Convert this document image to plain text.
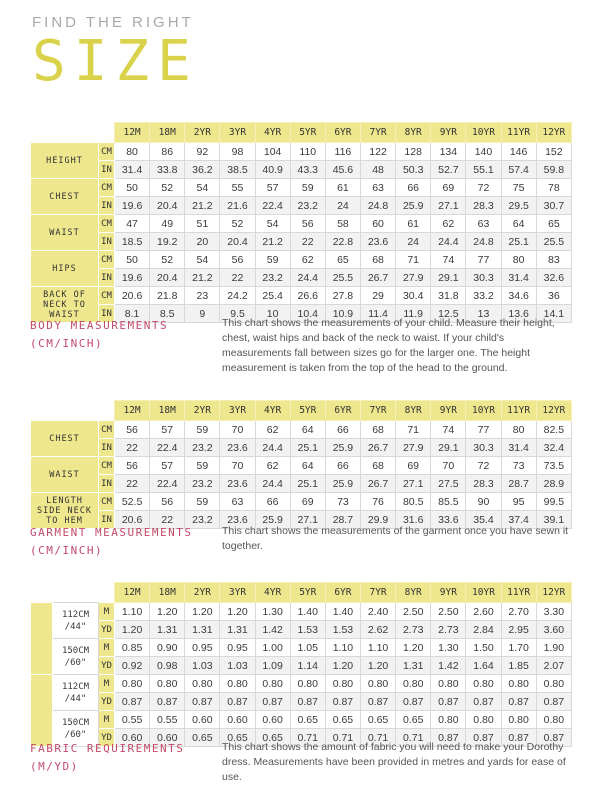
FIND THE RIGHT
SIZE
		12M	18M	2YR	3YR	4YR	5YR	6YR	7YR	8YR	9YR	10YR	11YR	12YR
HEIGHT	CM	80	86	92	98	104	110	116	122	128	134	140	146	152
	IN	31.4	33.8	36.2	38.5	40.9	43.3	45.6	48	50.3	52.7	55.1	57.4	59.8
CHEST	CM	50	52	54	55	57	59	61	63	66	69	72	75	78
	IN	19.6	20.4	21.2	21.6	22.4	23.2	24	24.8	25.9	27.1	28.3	29.5	30.7
WAIST	CM	47	49	51	52	54	56	58	60	61	62	63	64	65
	IN	18.5	19.2	20	20.4	21.2	22	22.8	23.6	24	24.4	24.8	25.1	25.5
HIPS	CM	50	52	54	56	59	62	65	68	71	74	77	80	83
	IN	19.6	20.4	21.2	22	23.2	24.4	25.5	26.7	27.9	29.1	30.3	31.4	32.6
BACK OF NECK TO WAIST	CM	20.6	21.8	23	24.2	25.4	26.6	27.8	29	30.4	31.8	33.2	34.6	36
	IN	8.1	8.5	9	9.5	10	10.4	10.9	11.4	11.9	12.5	13	13.6	14.1
BODY MEASUREMENTS
(CM/INCH)
This chart shows the measurements of your child. Measure their height, chest, waist hips and back of the neck to waist. If your child's measurements fall between sizes go for the larger one. The height measurement is taken from the top of the head to the ground.
		12M	18M	2YR	3YR	4YR	5YR	6YR	7YR	8YR	9YR	10YR	11YR	12YR
CHEST	CM	56	57	59	70	62	64	66	68	71	74	77	80	82.5
	IN	22	22.4	23.2	23.6	24.4	25.1	25.9	26.7	27.9	29.1	30.3	31.4	32.4
WAIST	CM	56	57	59	70	62	64	66	68	69	70	72	73	73.5
	IN	22	22.4	23.2	23.6	24.4	25.1	25.9	26.7	27.1	27.5	28.3	28.7	28.9
LENGTH SIDE NECK TO HEM	CM	52.5	56	59	63	66	69	73	76	80.5	85.5	90	95	99.5
	IN	20.6	22	23.2	23.6	25.9	27.1	28.7	29.9	31.6	33.6	35.4	37.4	39.1
GARMENT MEASUREMENTS
(CM/INCH)
This chart shows the measurements of the garment once you have sewn it together.
			12M	18M	2YR	3YR	4YR	5YR	6YR	7YR	8YR	9YR	10YR	11YR	12YR
	112CM /44"	M	1.10	1.20	1.20	1.20	1.30	1.40	1.40	2.40	2.50	2.50	2.60	2.70	3.30
		YD	1.20	1.31	1.31	1.31	1.42	1.53	1.53	2.62	2.73	2.73	2.84	2.95	3.60
	150CM /60"	M	0.85	0.90	0.95	0.95	1.00	1.05	1.10	1.10	1.20	1.30	1.50	1.70	1.90
		YD	0.92	0.98	1.03	1.03	1.09	1.14	1.20	1.20	1.31	1.42	1.64	1.85	2.07
	112CM /44"	M	0.80	0.80	0.80	0.80	0.80	0.80	0.80	0.80	0.80	0.80	0.80	0.80	0.80
		YD	0.87	0.87	0.87	0.87	0.87	0.87	0.87	0.87	0.87	0.87	0.87	0.87	0.87
	150CM /60"	M	0.55	0.55	0.60	0.60	0.60	0.65	0.65	0.65	0.65	0.80	0.80	0.80	0.80
		YD	0.60	0.60	0.65	0.65	0.65	0.71	0.71	0.71	0.71	0.87	0.87	0.87	0.87
FABRIC REQUIREMENTS
(M/YD)
This chart shows the amount of fabric you will need to make your Dorothy dress. Measurements have been provided in metres and yards for ease of use.
